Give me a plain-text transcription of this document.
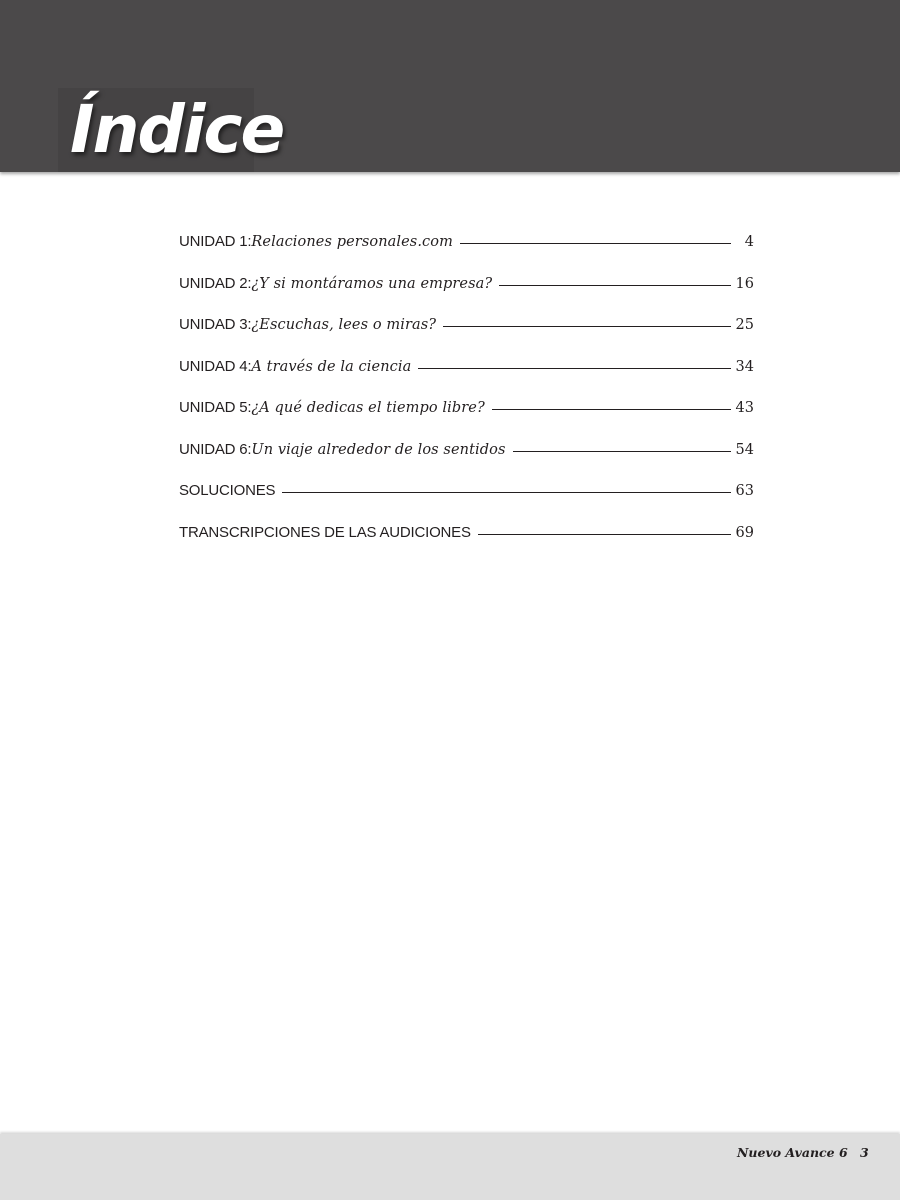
Índice
UNIDAD 1: Relaciones personales.com	4
UNIDAD 2: ¿Y si montáramos una empresa?	16
UNIDAD 3: ¿Escuchas, lees o miras?	25
UNIDAD 4: A través de la ciencia	34
UNIDAD 5: ¿A qué dedicas el tiempo libre?	43
UNIDAD 6: Un viaje alrededor de los sentidos	54
SOLUCIONES	63
TRANSCRIPCIONES DE LAS AUDICIONES	69
Nuevo Avance 6 3
